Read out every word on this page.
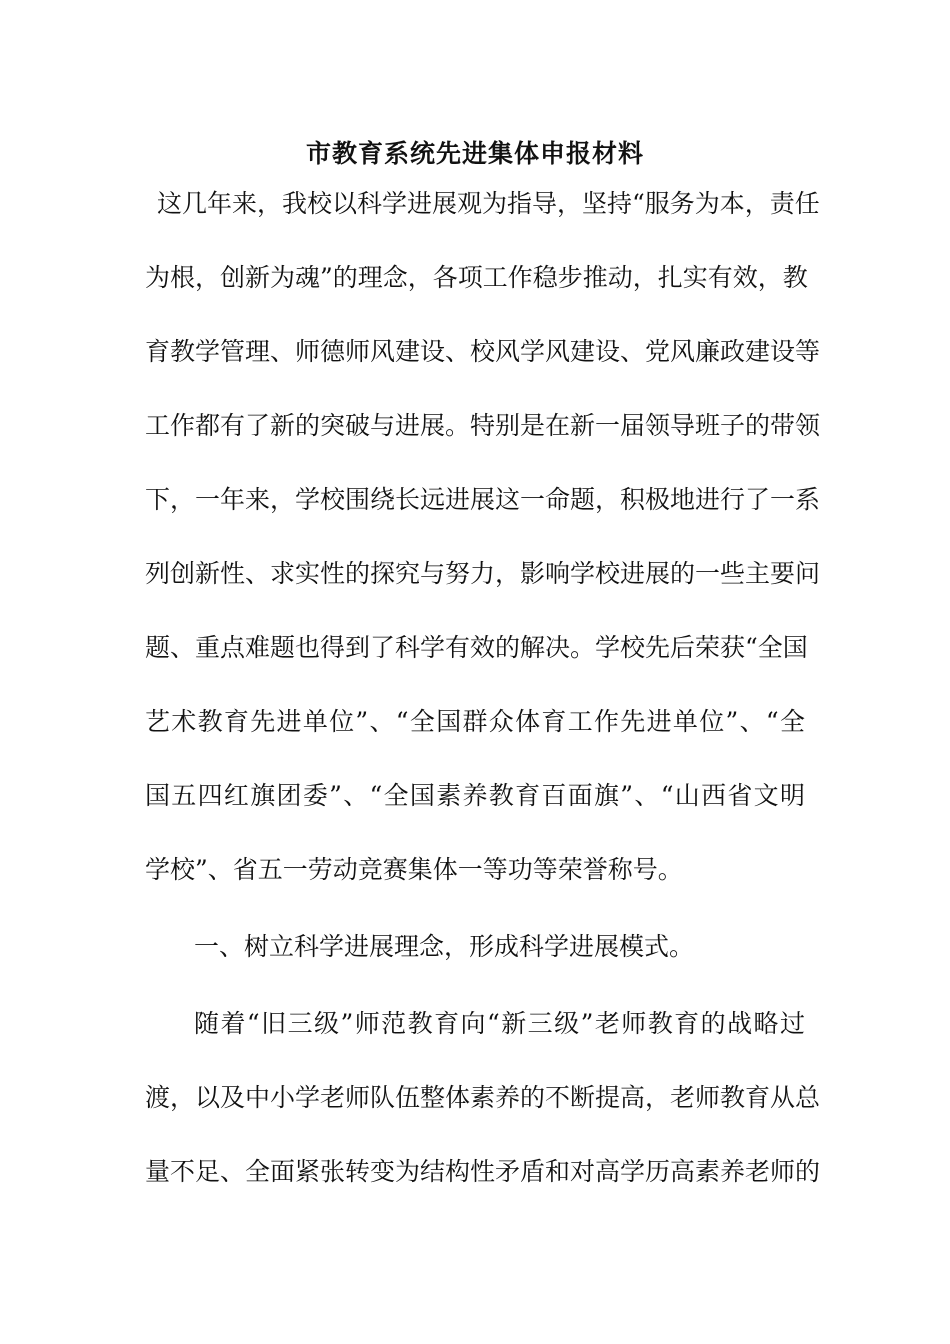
市教育系统先进集体申报材料
这几年来，我校以科学进展观为指导，坚持“服务为本，责任
为根，创新为魂”的理念，各项工作稳步推动，扎实有效，教
育教学管理、师德师风建设、校风学风建设、党风廉政建设等
工作都有了新的突破与进展。特别是在新一届领导班子的带领
下，一年来，学校围绕长远进展这一命题，积极地进行了一系
列创新性、求实性的探究与努力，影响学校进展的一些主要问
题、重点难题也得到了科学有效的解决。学校先后荣获“全国
艺术教育先进单位”、“全国群众体育工作先进单位”、“全
国五四红旗团委”、“全国素养教育百面旗”、“山西省文明
学校”、省五一劳动竞赛集体一等功等荣誉称号。
一、树立科学进展理念，形成科学进展模式。
随着“旧三级”师范教育向“新三级”老师教育的战略过
渡，以及中小学老师队伍整体素养的不断提高，老师教育从总
量不足、全面紧张转变为结构性矛盾和对高学历高素养老师的
